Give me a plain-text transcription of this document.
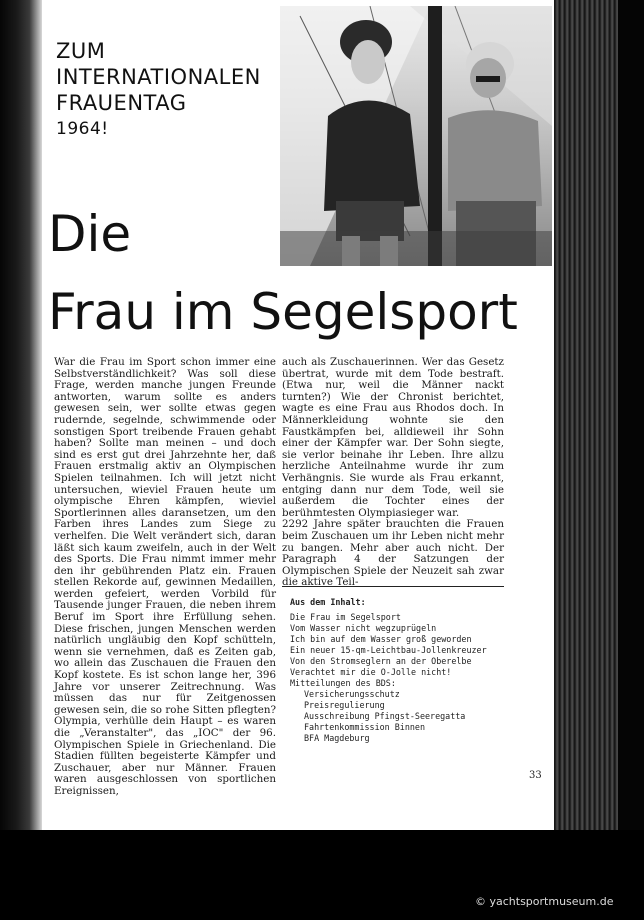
ZUM
INTERNATIONALEN
FRAUENTAG
1964!
Die
Frau im Segelsport

War die Frau im Sport schon immer eine Selbstverständlichkeit? Was soll diese Frage, werden manche jungen Freunde antworten, warum sollte es anders gewesen sein, wer sollte etwas gegen rudernde, segelnde, schwimmende oder sonstigen Sport treibende Frauen gehabt haben? Sollte man meinen – und doch sind es erst gut drei Jahrzehnte her, daß Frauen erstmalig aktiv an Olympischen Spielen teilnahmen. Ich will jetzt nicht untersuchen, wieviel Frauen heute um olympische Ehren kämpfen, wieviel Sportlerinnen alles daransetzen, um den Farben ihres Landes zum Siege zu verhelfen. Die Welt verändert sich, daran läßt sich kaum zweifeln, auch in der Welt des Sports. Die Frau nimmt immer mehr den ihr gebührenden Platz ein. Frauen stellen Rekorde auf, gewinnen Medaillen, werden gefeiert, werden Vorbild für Tausende junger Frauen, die neben ihrem Beruf im Sport ihre Erfüllung sehen. Diese frischen, jungen Menschen werden natürlich ungläubig den Kopf schütteln, wenn sie vernehmen, daß es Zeiten gab, wo allein das Zuschauen die Frauen den Kopf kostete. Es ist schon lange her, 396 Jahre vor unserer Zeitrechnung. Was müssen das nur für Zeitgenossen gewesen sein, die so rohe Sitten pflegten? Olympia, verhülle dein Haupt – es waren die „Veranstalter", das „IOC" der 96. Olympischen Spiele in Griechenland. Die Stadien füllten begeisterte Kämpfer und Zuschauer, aber nur Männer. Frauen waren ausgeschlossen von sportlichen Ereignissen,

auch als Zuschauerinnen. Wer das Gesetz übertrat, wurde mit dem Tode bestraft. (Etwa nur, weil die Männer nackt turnten?) Wie der Chronist berichtet, wagte es eine Frau aus Rhodos doch. In Männerkleidung wohnte sie den Faustkämpfen bei, alldieweil ihr Sohn einer der Kämpfer war. Der Sohn siegte, sie verlor beinahe ihr Leben. Ihre allzu herzliche Anteilnahme wurde ihr zum Verhängnis. Sie wurde als Frau erkannt, entging dann nur dem Tode, weil sie außerdem die Tochter eines der berühmtesten Olympiasieger war.

2292 Jahre später brauchten die Frauen beim Zuschauen um ihr Leben nicht mehr zu bangen. Mehr aber auch nicht. Der Paragraph 4 der Satzungen der Olympischen Spiele der Neuzeit sah zwar die aktive Teil-

Aus dem Inhalt:
Die Frau im Segelsport
Vom Wasser nicht wegzuprügeln
Ich bin auf dem Wasser groß geworden
Ein neuer 15-qm-Leichtbau-Jollenkreuzer
Von den Stromseglern an der Oberelbe
Verachtet mir die O-Jolle nicht!
Mitteilungen des BDS:
Versicherungsschutz
Preisregulierung
Ausschreibung Pfingst-Seeregatta
Fahrtenkommission Binnen
BFA Magdeburg
33
© yachtsportmuseum.de
